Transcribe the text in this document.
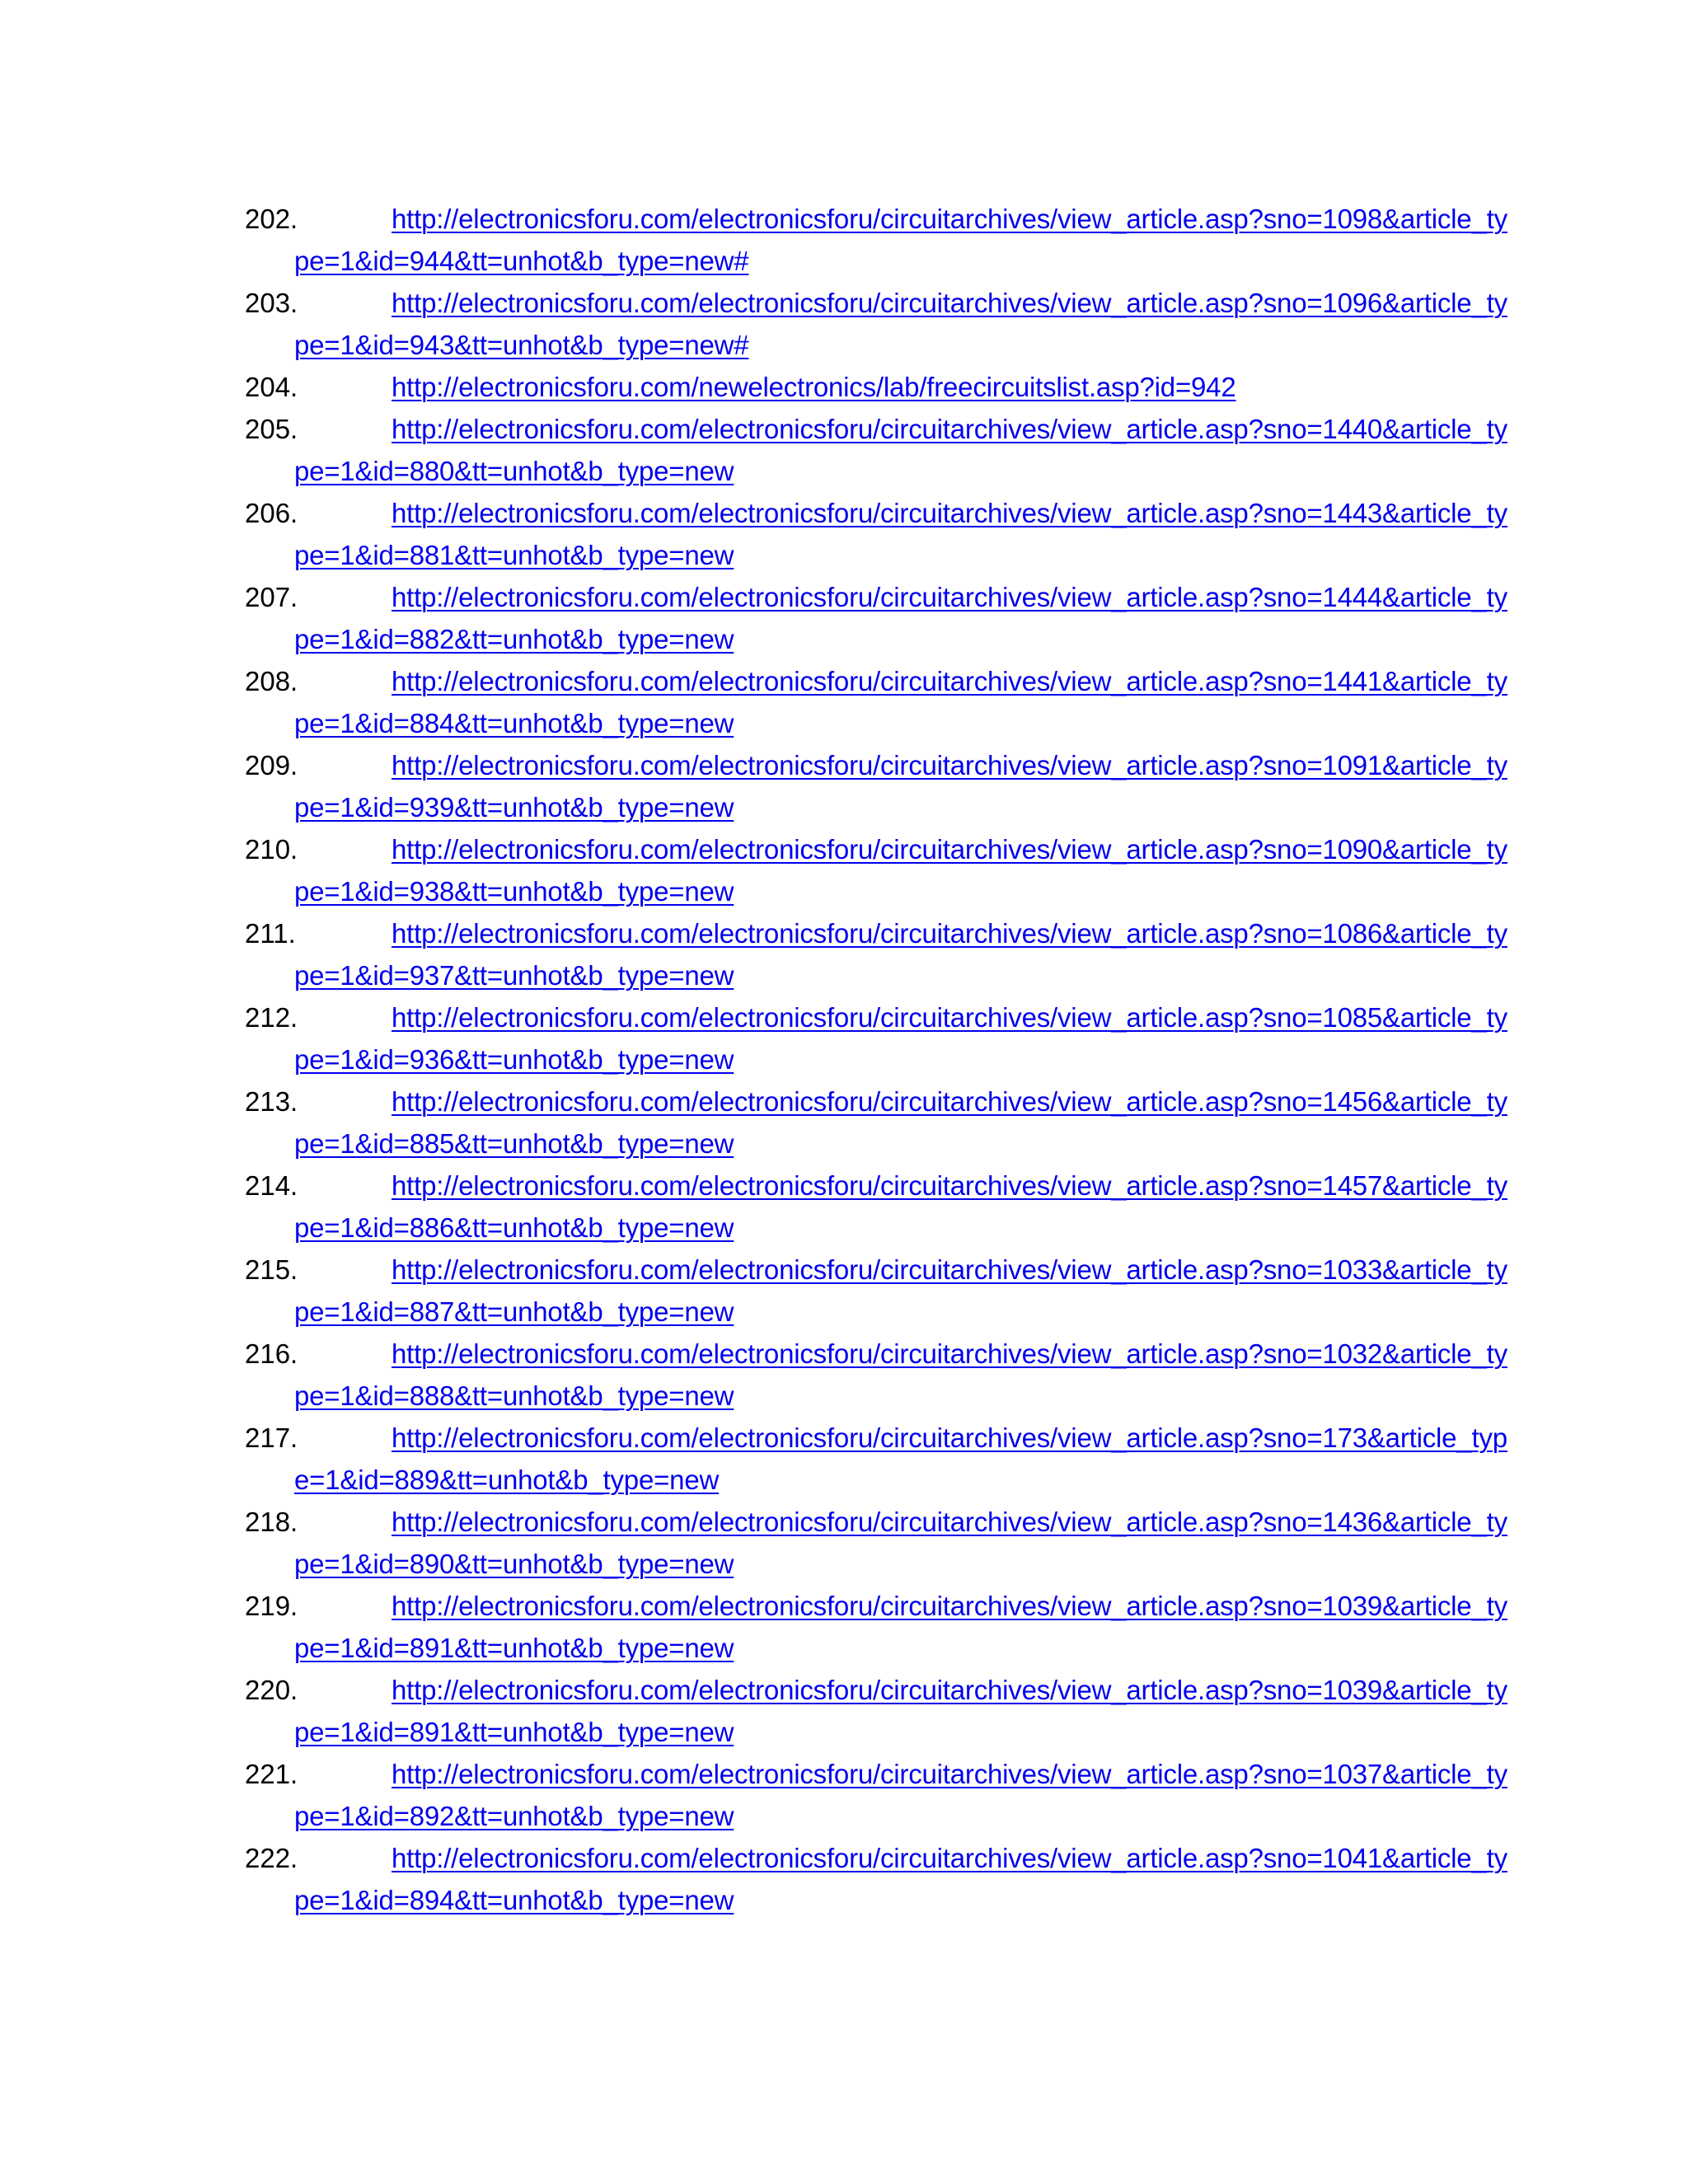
202.	http://electronicsforu.com/electronicsforu/circuitarchives/view_article.asp?sno=1098&article_type=1&id=944&tt=unhot&b_type=new#
203.	http://electronicsforu.com/electronicsforu/circuitarchives/view_article.asp?sno=1096&article_type=1&id=943&tt=unhot&b_type=new#
204.	http://electronicsforu.com/newelectronics/lab/freecircuitslist.asp?id=942
205.	http://electronicsforu.com/electronicsforu/circuitarchives/view_article.asp?sno=1440&article_type=1&id=880&tt=unhot&b_type=new
206.	http://electronicsforu.com/electronicsforu/circuitarchives/view_article.asp?sno=1443&article_type=1&id=881&tt=unhot&b_type=new
207.	http://electronicsforu.com/electronicsforu/circuitarchives/view_article.asp?sno=1444&article_type=1&id=882&tt=unhot&b_type=new
208.	http://electronicsforu.com/electronicsforu/circuitarchives/view_article.asp?sno=1441&article_type=1&id=884&tt=unhot&b_type=new
209.	http://electronicsforu.com/electronicsforu/circuitarchives/view_article.asp?sno=1091&article_type=1&id=939&tt=unhot&b_type=new
210.	http://electronicsforu.com/electronicsforu/circuitarchives/view_article.asp?sno=1090&article_type=1&id=938&tt=unhot&b_type=new
211.	http://electronicsforu.com/electronicsforu/circuitarchives/view_article.asp?sno=1086&article_type=1&id=937&tt=unhot&b_type=new
212.	http://electronicsforu.com/electronicsforu/circuitarchives/view_article.asp?sno=1085&article_type=1&id=936&tt=unhot&b_type=new
213.	http://electronicsforu.com/electronicsforu/circuitarchives/view_article.asp?sno=1456&article_type=1&id=885&tt=unhot&b_type=new
214.	http://electronicsforu.com/electronicsforu/circuitarchives/view_article.asp?sno=1457&article_type=1&id=886&tt=unhot&b_type=new
215.	http://electronicsforu.com/electronicsforu/circuitarchives/view_article.asp?sno=1033&article_type=1&id=887&tt=unhot&b_type=new
216.	http://electronicsforu.com/electronicsforu/circuitarchives/view_article.asp?sno=1032&article_type=1&id=888&tt=unhot&b_type=new
217.	http://electronicsforu.com/electronicsforu/circuitarchives/view_article.asp?sno=173&article_type=1&id=889&tt=unhot&b_type=new
218.	http://electronicsforu.com/electronicsforu/circuitarchives/view_article.asp?sno=1436&article_type=1&id=890&tt=unhot&b_type=new
219.	http://electronicsforu.com/electronicsforu/circuitarchives/view_article.asp?sno=1039&article_type=1&id=891&tt=unhot&b_type=new
220.	http://electronicsforu.com/electronicsforu/circuitarchives/view_article.asp?sno=1039&article_type=1&id=891&tt=unhot&b_type=new
221.	http://electronicsforu.com/electronicsforu/circuitarchives/view_article.asp?sno=1037&article_type=1&id=892&tt=unhot&b_type=new
222.	http://electronicsforu.com/electronicsforu/circuitarchives/view_article.asp?sno=1041&article_type=1&id=894&tt=unhot&b_type=new
